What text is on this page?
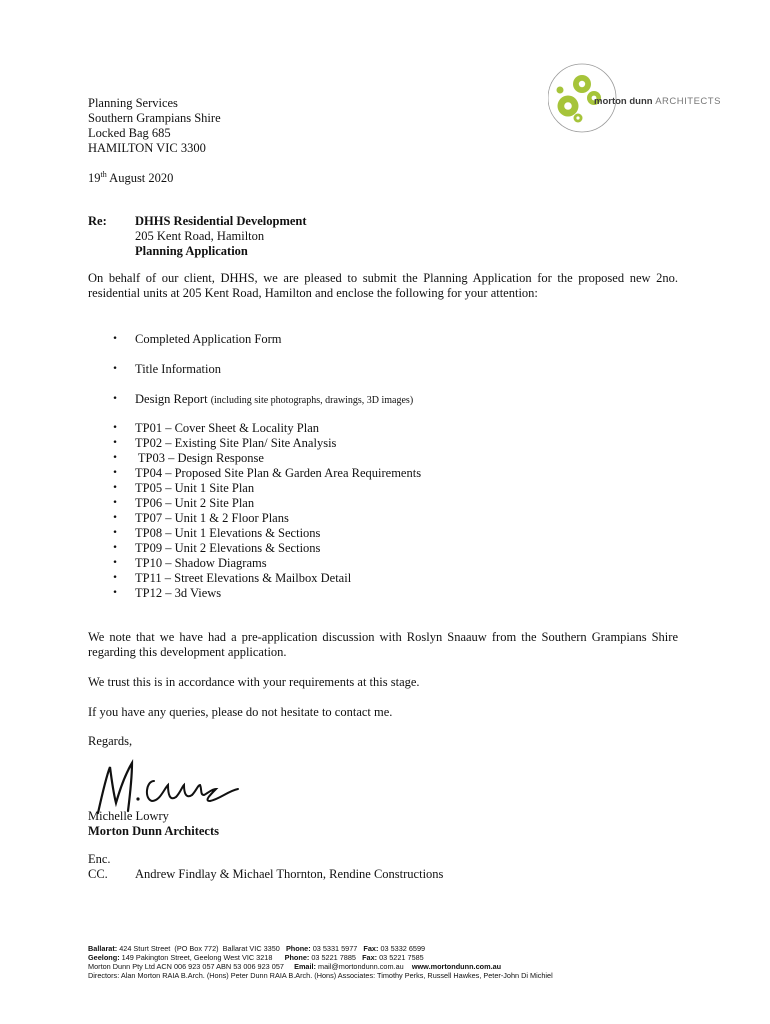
morton dunn ARCHITECTS
Planning Services
Southern Grampians Shire
Locked Bag 685
HAMILTON VIC 3300
19th August 2020
Re: DHHS Residential Development
205 Kent Road, Hamilton
Planning Application
On behalf of our client, DHHS, we are pleased to submit the Planning Application for the proposed new 2no. residential units at 205 Kent Road, Hamilton and enclose the following for your attention:
• Completed Application Form
• Title Information
• Design Report (including site photographs, drawings, 3D images)
• TP01 – Cover Sheet & Locality Plan
• TP02 – Existing Site Plan/ Site Analysis
• TP03 – Design Response
• TP04 – Proposed Site Plan & Garden Area Requirements
• TP05 – Unit 1 Site Plan
• TP06 – Unit 2 Site Plan
• TP07 – Unit 1 & 2 Floor Plans
• TP08 – Unit 1 Elevations & Sections
• TP09 – Unit 2 Elevations & Sections
• TP10 – Shadow Diagrams
• TP11 – Street Elevations & Mailbox Detail
• TP12 – 3d Views
We note that we have had a pre-application discussion with Roslyn Snaauw from the Southern Grampians Shire regarding this development application.
We trust this is in accordance with your requirements at this stage.
If you have any queries, please do not hesitate to contact me.
Regards,
Michelle Lowry
Morton Dunn Architects
Enc.
CC. Andrew Findlay & Michael Thornton, Rendine Constructions
Ballarat: 424 Sturt Street  (PO Box 772)  Ballarat VIC 3350   Phone: 03 5331 5977   Fax: 03 5332 6599
Geelong: 149 Pakington Street, Geelong West VIC 3218      Phone: 03 5221 7885   Fax: 03 5221 7585
Morton Dunn Pty Ltd ACN 006 923 057 ABN 53 006 923 057     Email: mail@mortondunn.com.au    www.mortondunn.com.au
Directors: Alan Morton RAIA B.Arch. (Hons) Peter Dunn RAIA B.Arch. (Hons) Associates: Timothy Perks, Russell Hawkes, Peter-John Di Michiel
